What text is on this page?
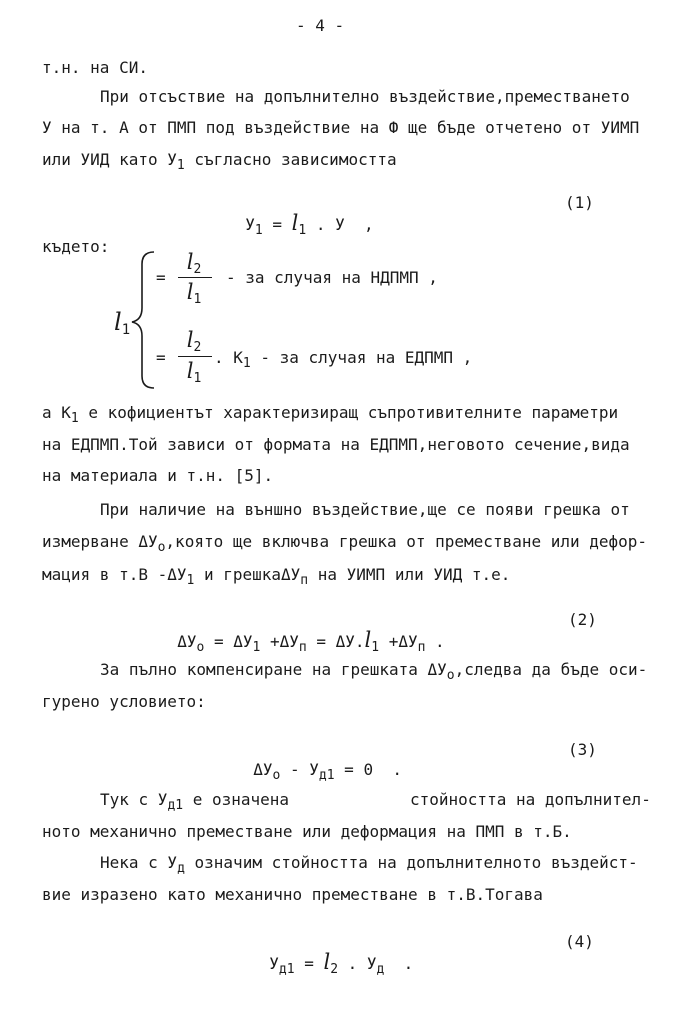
- 4 -
т.н. на СИ.
При отсъствие на допълнително въздействие,преместването
У на т. А от ПМП под въздействие на Ф ще бъде отчетено от УИМП
или УИД като $У_1$ съгласно зависимостта

$У_1 = l_1$ . У  ,

(1)
където:
$l_1$
=
$l_2$
$l_1$
- за случая на НДПМП ,
=
$l_2$
$l_1$
. $К_1$ - за случая на ЕДПМП ,
а $К_1$ е кофициентът характеризиращ съпротивителните параметри
на ЕДПМП.Той зависи от формата на ЕДПМП,неговото сечение,вида
на материала и т.н. [5].
При наличие на външно въздействие,ще се появи грешка от
измерване $\Delta У_о,която$ ще включва грешка от преместване или дефор-
мация в т.В $-\Delta У_1$ и грешкаΔУ$_п$ на УИМП или УИД т.е.

$\Delta У_о = \Delta У_1 +\Delta У_п = \Delta У.l_1 +\Delta У_п$ .

(2)
За пълно компенсиране на грешката $\Delta У_о,следва$ да бъде оси-
гурено условието:

$\Delta У_о - У_{д1} = 0$  .

(3)
Тук с $У_{д1}$ е означена	стойността на допълнител-
ното механично преместване или деформация на ПМП в т.Б.
Нека с $У_д$ означим стойността на допълнителното въздейст-
вие изразено като механично преместване в т.В.Тогава

$У_{д1} = l_2$ . $У_д$  .

(4)
